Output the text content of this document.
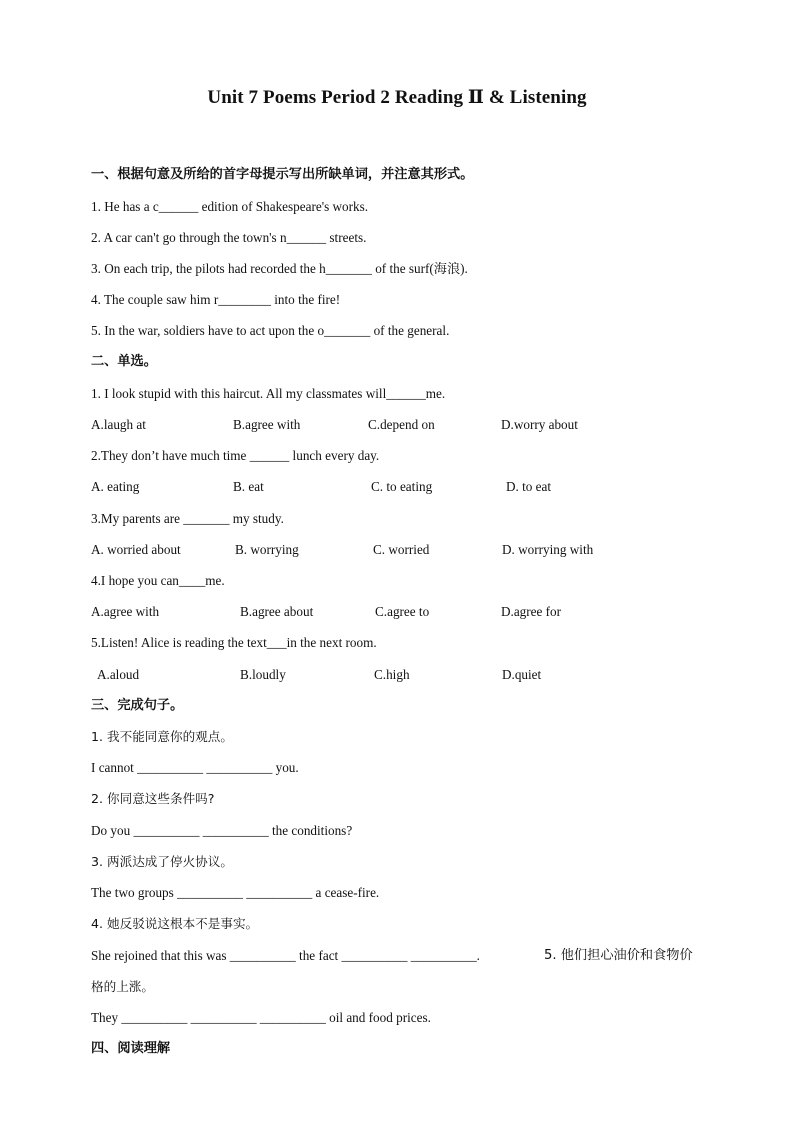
Unit 7 Poems Period 2 Reading Ⅱ & Listening
一、根据句意及所给的首字母提示写出所缺单词，并注意其形式。
1. He has a c______ edition of Shakespeare's works.
2. A car can't go through the town's n______ streets.
3. On each trip, the pilots had recorded the h_______ of the surf(海浪).
4. The couple saw him r________ into the fire!
5. In the war, soldiers have to act upon the o_______ of the general.
二、单选。
1. I look stupid with this haircut. All my classmates will______me.
A.laugh at	B.agree with	C.depend on	D.worry about
2.They don’t have much time ______ lunch every day.
A. eating	B. eat	C. to eating	D. to eat
3.My parents are _______ my study.
A. worried about	B. worrying	C. worried	D. worrying with
4.I hope you can____me.
A.agree with	B.agree about	C.agree to	D.agree for
5.Listen! Alice is reading the text___in the next room.
A.aloud	B.loudly	C.high	D.quiet
三、完成句子。
1. 我不能同意你的观点。
I cannot __________ __________ you.
2. 你同意这些条件吗?
Do you __________ __________ the conditions?
3. 两派达成了停火协议。
The two groups __________ __________ a cease-fire.
4. 她反驳说这根本不是事实。
She rejoined that this was __________ the fact __________ __________.	5. 他们担心油价和食物价
格的上涨。
They __________ __________ __________ oil and food prices.
四、阅读理解
